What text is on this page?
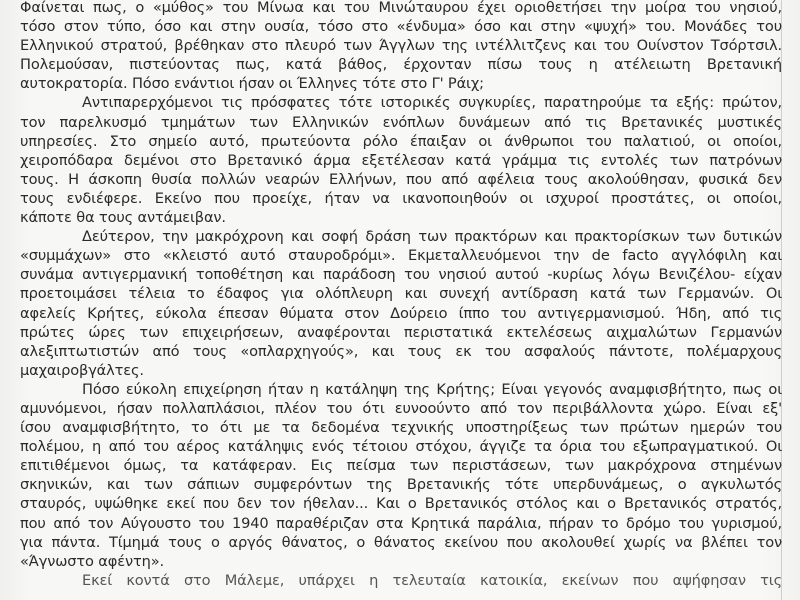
Φαίνεται πως, ο «μύθος» του Μίνωα και του Μινώταυρου έχει οριοθετήσει την μοίρα του νησιού,
τόσο στον τύπο, όσο και στην ουσία, τόσο στο «ένδυμα» όσο και στην «ψυχή» του. Μονάδες του
Ελληνικού στρατού, βρέθηκαν στο πλευρό των Άγγλων της ιντέλλιτζενς και του Ουίνστον Τσόρτσιλ.
Πολεμούσαν, πιστεύοντας πως, κατά βάθος, έρχονταν πίσω τους η ατέλειωτη Βρετανική
αυτοκρατορία. Πόσο ενάντιοι ήσαν οι Έλληνες τότε στο Γ' Ράιχ;
Αντιπαρερχόμενοι τις πρόσφατες τότε ιστορικές συγκυρίες, παρατηρούμε τα εξής: πρώτον,
τον παρελκυσμό τμημάτων των Ελληνικών ενόπλων δυνάμεων από τις Βρετανικές μυστικές
υπηρεσίες. Στο σημείο αυτό, πρωτεύοντα ρόλο έπαιξαν οι άνθρωποι του παλατιού, οι οποίοι,
χειροπόδαρα δεμένοι στο Βρετανικό άρμα εξετέλεσαν κατά γράμμα τις εντολές των πατρόνων
τους. Η άσκοπη θυσία πολλών νεαρών Ελλήνων, που από αφέλεια τους ακολούθησαν, φυσικά δεν
τους ενδιέφερε. Εκείνο που προείχε, ήταν να ικανοποιηθούν οι ισχυροί προστάτες, οι οποίοι,
κάποτε θα τους αντάμειβαν.
Δεύτερον, την μακρόχρονη και σοφή δράση των πρακτόρων και πρακτορίσκων των δυτικών
«συμμάχων» στο «κλειστό αυτό σταυροδρόμι». Εκμεταλλευόμενοι την de facto αγγλόφιλη και
συνάμα αντιγερμανική τοποθέτηση και παράδοση του νησιού αυτού -κυρίως λόγω Βενιζέλου- είχαν
προετοιμάσει τέλεια το έδαφος για ολόπλευρη και συνεχή αντίδραση κατά των Γερμανών. Οι
αφελείς Κρήτες, εύκολα έπεσαν θύματα στον Δούρειο ίππο του αντιγερμανισμού. Ήδη, από τις
πρώτες ώρες των επιχειρήσεων, αναφέρονται περιστατικά εκτελέσεως αιχμαλώτων Γερμανών
αλεξιπτωτιστών από τους «οπλαρχηγούς», και τους εκ του ασφαλούς πάντοτε, πολέμαρχους
μαχαιροβγάλτες.
Πόσο εύκολη επιχείρηση ήταν η κατάληψη της Κρήτης; Είναι γεγονός αναμφισβήτητο, πως οι
αμυνόμενοι, ήσαν πολλαπλάσιοι, πλέον του ότι ευνοούντο από τον περιβάλλοντα χώρο. Είναι εξ'
ίσου αναμφισβήτητο, το ότι με τα δεδομένα τεχνικής υποστηρίξεως των πρώτων ημερών του
πολέμου, η από του αέρος κατάληψις ενός τέτοιου στόχου, άγγιζε τα όρια του εξωπραγματικού. Οι
επιτιθέμενοι όμως, τα κατάφεραν. Εις πείσμα των περιστάσεων, των μακρόχρονα στημένων
σκηνικών, και των σάπιων συμφερόντων της Βρετανικής τότε υπερδυνάμεως, ο αγκυλωτός
σταυρός, υψώθηκε εκεί που δεν τον ήθελαν... Και ο Βρετανικός στόλος και ο Βρετανικός στρατός,
που από τον Αύγουστο του 1940 παραθέριζαν στα Κρητικά παράλια, πήραν το δρόμο του γυρισμού,
για πάντα. Τίμημά τους ο αργός θάνατος, ο θάνατος εκείνου που ακολουθεί χωρίς να βλέπει τον
«Άγνωστο αφέντη».
Εκεί κοντά στο Μάλεμε, υπάρχει η τελευταία κατοικία, εκείνων που αψήφησαν τις
